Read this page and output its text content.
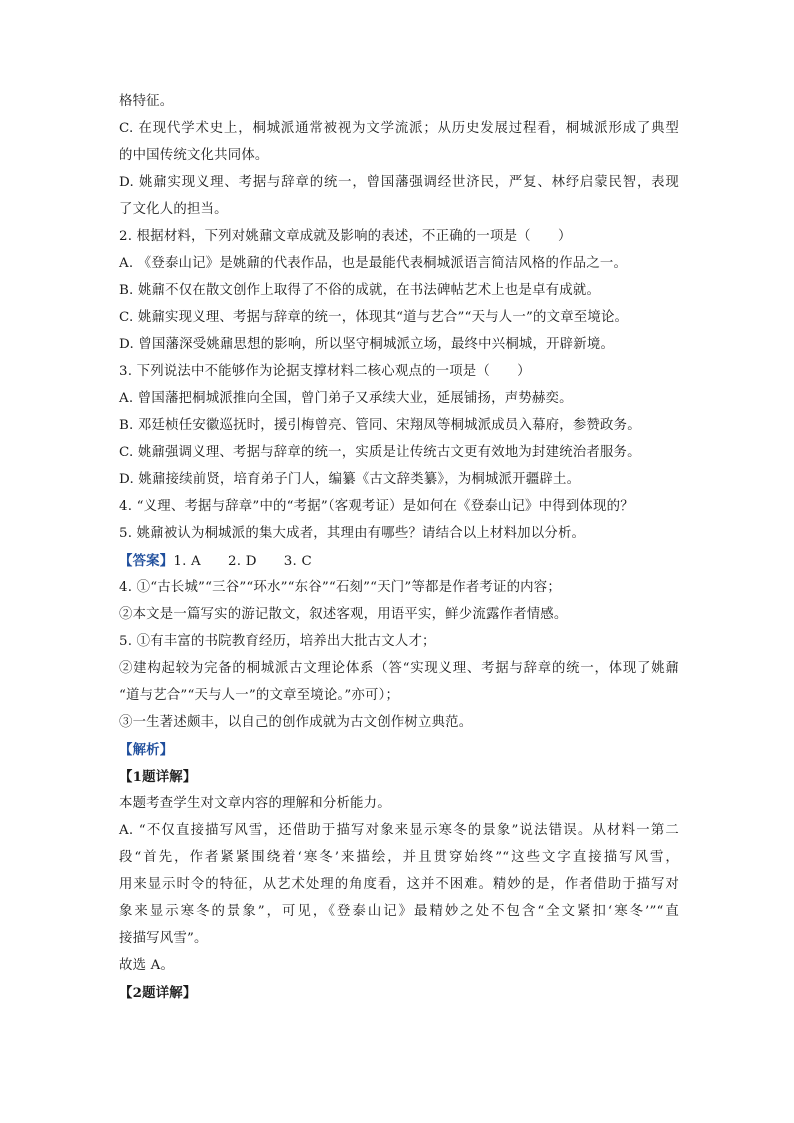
格特征。
C. 在现代学术史上，桐城派通常被视为文学流派；从历史发展过程看，桐城派形成了典型
的中国传统文化共同体。
D. 姚鼐实现义理、考据与辞章的统一，曾国藩强调经世济民，严复、林纾启蒙民智，表现
了文化人的担当。
2. 根据材料，下列对姚鼐文章成就及影响的表述，不正确的一项是（　　）
A. 《登泰山记》是姚鼐的代表作品，也是最能代表桐城派语言简洁风格的作品之一。
B. 姚鼐不仅在散文创作上取得了不俗的成就，在书法碑帖艺术上也是卓有成就。
C. 姚鼐实现义理、考据与辞章的统一，体现其“道与艺合”“天与人一”的文章至境论。
D. 曾国藩深受姚鼐思想的影响，所以坚守桐城派立场，最终中兴桐城，开辟新境。
3. 下列说法中不能够作为论据支撑材料二核心观点的一项是（　　）
A. 曾国藩把桐城派推向全国，曾门弟子又承续大业，延展铺扬，声势赫奕。
B. 邓廷桢任安徽巡抚时，援引梅曾亮、管同、宋翔凤等桐城派成员入幕府，参赞政务。
C. 姚鼐强调义理、考据与辞章的统一，实质是让传统古文更有效地为封建统治者服务。
D. 姚鼐接续前贤，培育弟子门人，编纂《古文辞类纂》，为桐城派开疆辟土。
4. “义理、考据与辞章”中的“考据”（客观考证）是如何在《登泰山记》中得到体现的？
5. 姚鼐被认为桐城派的集大成者，其理由有哪些？请结合以上材料加以分析。
【答案】1. A　　2. D　　3. C
4. ①“古长城”“三谷”“环水”“东谷”“石刻”“天门”等都是作者考证的内容；
②本文是一篇写实的游记散文，叙述客观，用语平实，鲜少流露作者情感。
5. ①有丰富的书院教育经历，培养出大批古文人才；
②建构起较为完备的桐城派古文理论体系（答“实现义理、考据与辞章的统一，体现了姚鼐
“道与艺合”“天与人一”的文章至境论。”亦可）；
③一生著述颇丰，以自己的创作成就为古文创作树立典范。
【解析】
【1题详解】
本题考查学生对文章内容的理解和分析能力。
A. “不仅直接描写风雪，还借助于描写对象来显示寒冬的景象”说法错误。从材料一第二
段“首先，作者紧紧围绕着‘寒冬’来描绘，并且贯穿始终”“这些文字直接描写风雪，
用来显示时令的特征，从艺术处理的角度看，这并不困难。精妙的是，作者借助于描写对
象来显示寒冬的景象”，可见，《登泰山记》最精妙之处不包含“全文紧扣‘寒冬’”“直
接描写风雪”。
故选 A。
【2题详解】
